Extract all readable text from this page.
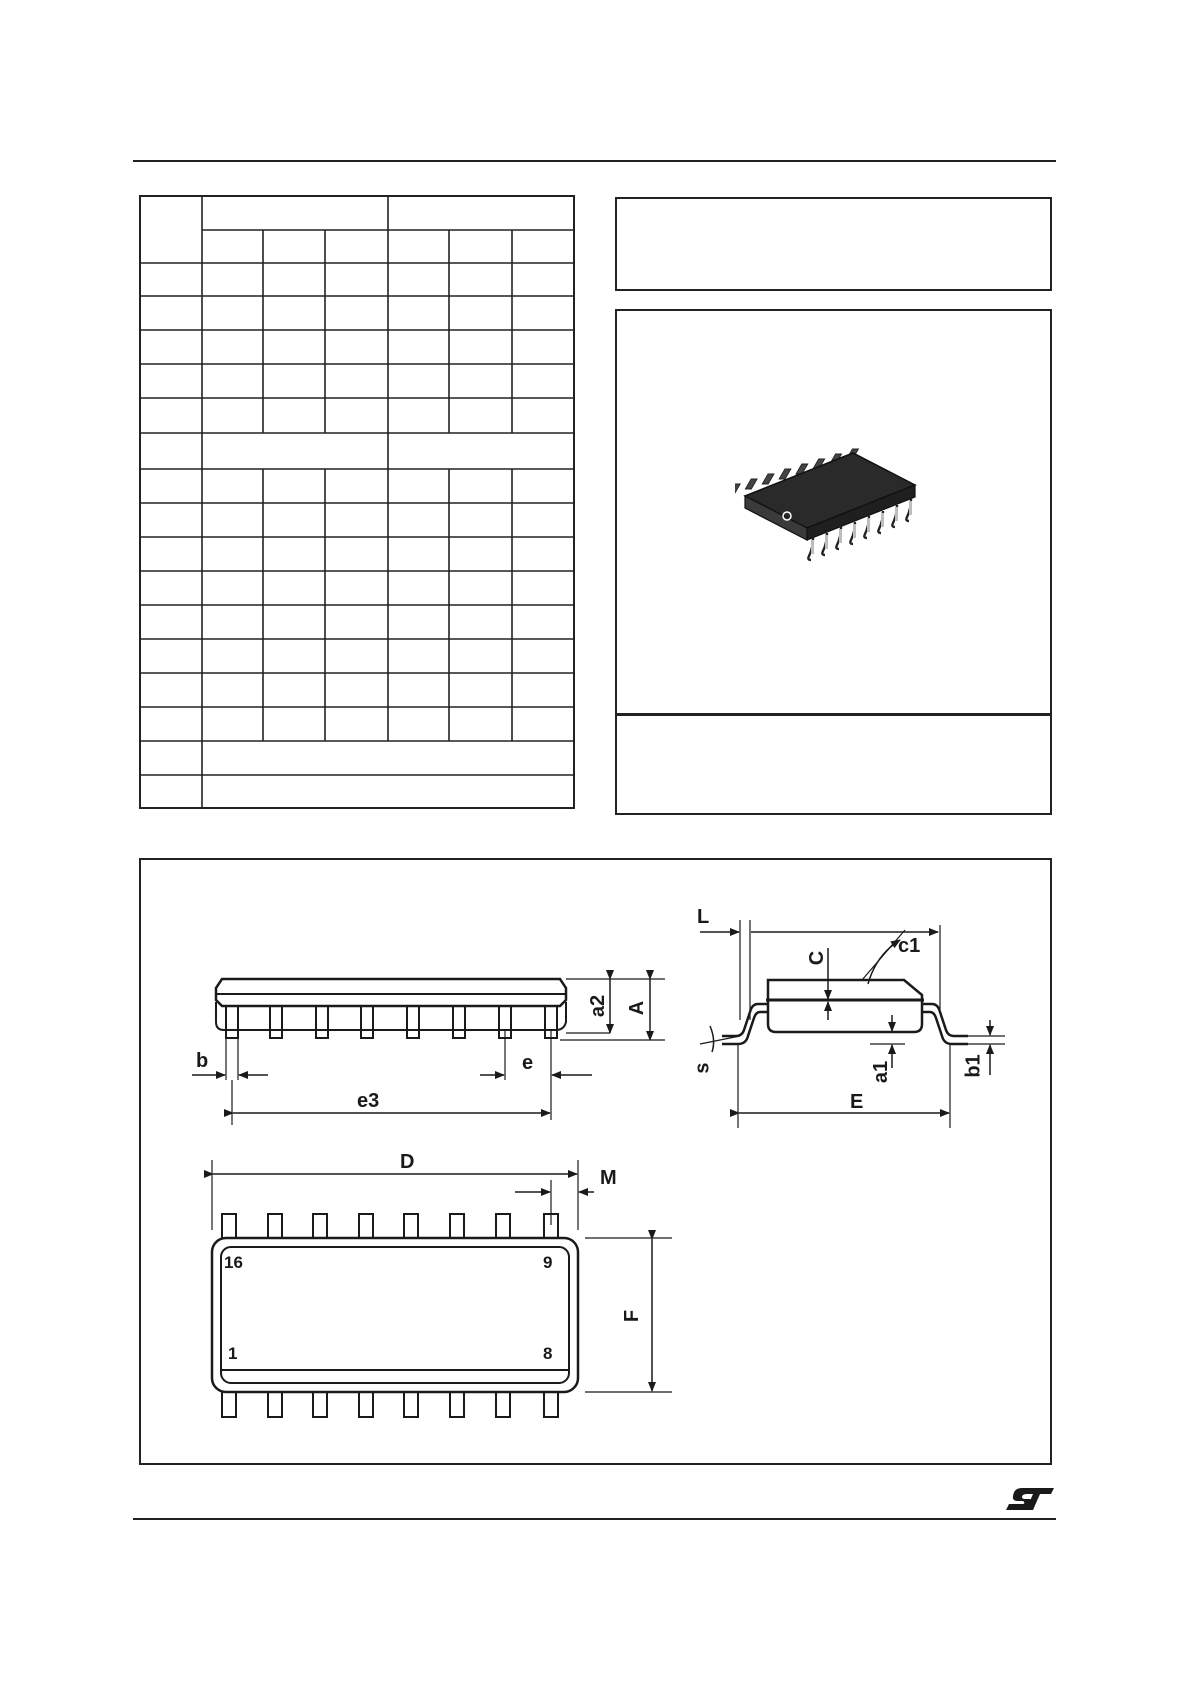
L
C
c1
a2 A
b	e
e3
s	a1	b1
E
D
M
F
16	9
1	8
